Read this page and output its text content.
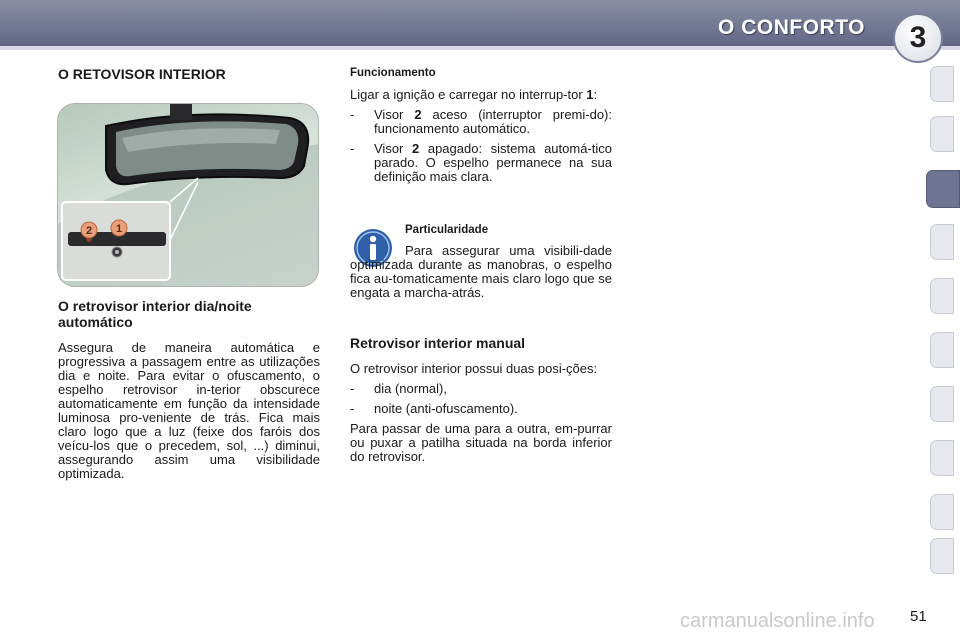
O CONFORTO	3
O RETOVISOR INTERIOR
2 1
O retrovisor interior dia/noite automático

Assegura de maneira automática e progressiva a passagem entre as utilizações dia e noite. Para evitar o ofuscamento, o espelho retrovisor in-terior obscurece automaticamente em função da intensidade luminosa pro-veniente de trás. Fica mais claro logo que a luz (feixe dos faróis dos veícu-los que o precedem, sol, ...) diminui, assegurando assim uma visibilidade optimizada.

Funcionamento

Ligar a ignição e carregar no interrup-tor 1:

-	Visor 2 aceso (interruptor premi-do): funcionamento automático.
-	Visor 2 apagado: sistema automá-tico parado. O espelho permanece na sua definição mais clara.
Particularidade

Para assegurar uma visibili-dade optimizada durante as manobras, o espelho fica au-tomaticamente mais claro logo que se engata a marcha-atrás.

Retrovisor interior manual

O retrovisor interior possui duas posi-ções:

-	dia (normal),
-	noite (anti-ofuscamento).

Para passar de uma para a outra, em-purrar ou puxar a patilha situada na borda inferior do retrovisor.

carmanualsonline.info 51
